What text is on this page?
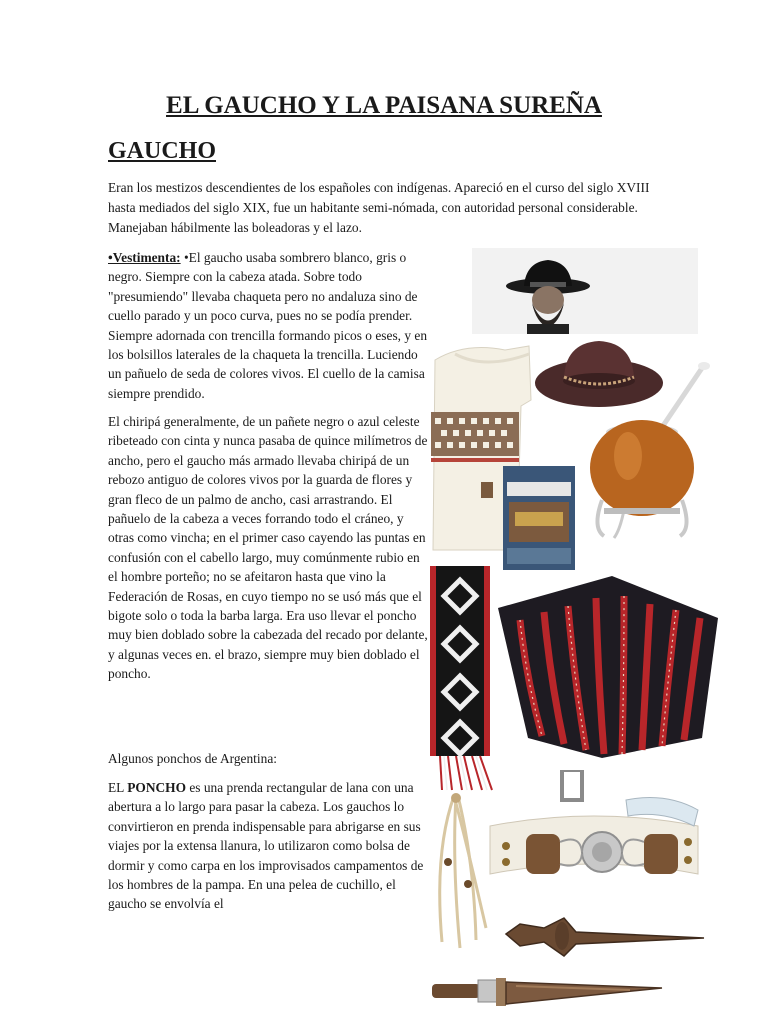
EL GAUCHO Y LA PAISANA SUREÑA
GAUCHO

Eran los mestizos descendientes de los españoles con indígenas. Apareció en el curso del siglo XVIII hasta mediados del siglo XIX, fue un habitante semi-nómada, con autoridad personal considerable. Manejaban hábilmente las boleadoras y el lazo.

•Vestimenta: •El gaucho usaba sombrero blanco, gris o negro. Siempre con la cabeza atada. Sobre todo "presumiendo" llevaba chaqueta pero no andaluza sino de cuello parado y un poco curva, pues no se podía prender. Siempre adornada con trencilla formando picos o eses, y en los bolsillos laterales de la chaqueta la trencilla. Luciendo un pañuelo de seda de colores vivos. El cuello de la camisa siempre prendido.

El chiripá generalmente, de un pañete negro o azul celeste ribeteado con cinta y nunca pasaba de quince milímetros de ancho, pero el gaucho más armado llevaba chiripá de un rebozo antiguo de colores vivos por la guarda de flores y gran fleco de un palmo de ancho, casi arrastrando. El pañuelo de la cabeza a veces forrando todo el cráneo, y otras como vincha; en el primer caso cayendo las puntas en confusión con el cabello largo, muy comúnmente rubio en el hombre porteño; no se afeitaron hasta que vino la Federación de Rosas, en cuyo tiempo no se usó más que el bigote solo o toda la barba larga. Era uso llevar el poncho muy bien doblado sobre la cabezada del recado por delante, y algunas veces en. el brazo, siempre muy bien doblado el poncho.

Algunos ponchos de Argentina:

EL PONCHO es una prenda rectangular de lana con una abertura a lo largo para pasar la cabeza. Los gauchos lo convirtieron en prenda indispensable para abrigarse en sus viajes por la extensa llanura, lo utilizaron como bolsa de dormir y como carpa en los improvisados campamentos de los hombres de la pampa. En una pelea de cuchillo, el gaucho se envolvía el
